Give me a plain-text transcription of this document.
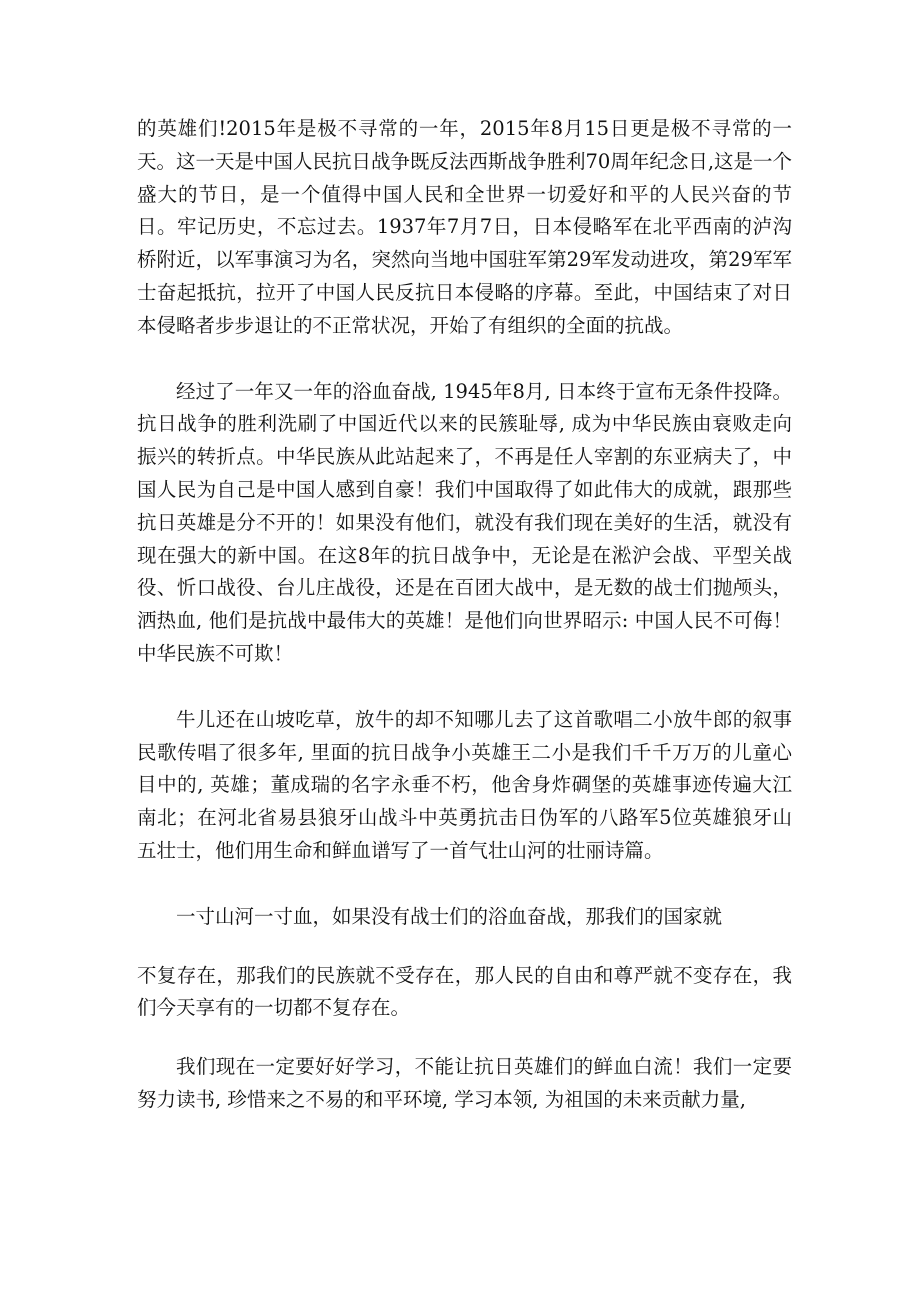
的英雄们!2015年是极不寻常的一年，2015年8月15日更是极不寻常的一天。这一天是中国人民抗日战争既反法西斯战争胜利70周年纪念日,这是一个盛大的节日，是一个值得中国人民和全世界一切爱好和平的人民兴奋的节日。牢记历史，不忘过去。1937年7月7日，日本侵略军在北平西南的泸沟桥附近，以军事演习为名，突然向当地中国驻军第29军发动进攻，第29军军士奋起抵抗，拉开了中国人民反抗日本侵略的序幕。至此，中国结束了对日本侵略者步步退让的不正常状况，开始了有组织的全面的抗战。

经过了一年又一年的浴血奋战, 1945年8月, 日本终于宣布无条件投降。抗日战争的胜利洗刷了中国近代以来的民簇耻辱, 成为中华民族由衰败走向振兴的转折点。中华民族从此站起来了，不再是任人宰割的东亚病夫了，中国人民为自己是中国人感到自豪！我们中国取得了如此伟大的成就，跟那些抗日英雄是分不开的！如果没有他们，就没有我们现在美好的生活，就没有现在强大的新中国。在这8年的抗日战争中，无论是在淞沪会战、平型关战役、忻口战役、台儿庄战役，还是在百团大战中，是无数的战士们抛颅头，洒热血, 他们是抗战中最伟大的英雄！是他们向世界昭示: 中国人民不可侮！中华民族不可欺！

牛儿还在山坡吃草，放牛的却不知哪儿去了这首歌唱二小放牛郎的叙事民歌传唱了很多年, 里面的抗日战争小英雄王二小是我们千千万万的儿童心目中的, 英雄；董成瑞的名字永垂不朽，他舍身炸碉堡的英雄事迹传遍大江南北；在河北省易县狼牙山战斗中英勇抗击日伪军的八路军5位英雄狼牙山五壮士，他们用生命和鲜血谱写了一首气壮山河的壮丽诗篇。

一寸山河一寸血，如果没有战士们的浴血奋战，那我们的国家就

不复存在，那我们的民族就不受存在，那人民的自由和尊严就不变存在，我们今天享有的一切都不复存在。

我们现在一定要好好学习，不能让抗日英雄们的鲜血白流！我们一定要努力读书, 珍惜来之不易的和平环境, 学习本领, 为祖国的未来贡献力量,
